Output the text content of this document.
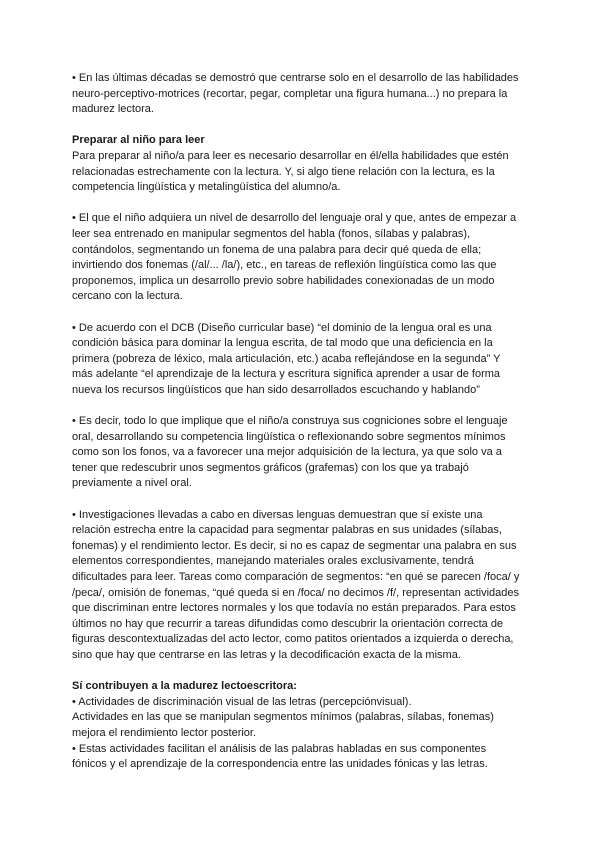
• En las últimas décadas se demostró que centrarse solo en el desarrollo de las habilidades neuro-perceptivo-motrices (recortar, pegar, completar una figura humana...) no prepara la madurez lectora.

Preparar al niño para leer

Para preparar al niño/a para leer es necesario desarrollar en él/ella habilidades que estén relacionadas estrechamente con la lectura. Y, si algo tiene relación con la lectura, es la competencia lingüística y metalingüística del alumno/a.

• El que el niño adquiera un nivel de desarrollo del lenguaje oral y que, antes de empezar a leer sea entrenado en manipular segmentos del habla (fonos, sílabas y palabras), contándolos, segmentando un fonema de una palabra para decir qué queda de ella; invirtiendo dos fonemas (/al/... /la/), etc., en tareas de reflexión lingüística como las que proponemos, implica un desarrollo previo sobre habilidades conexionadas de un modo cercano con la lectura.

• De acuerdo con el DCB (Diseño curricular base) “el dominio de la lengua oral es una condición básica para dominar la lengua escrita, de tal modo que una deficiencia en la primera (pobreza de léxico, mala articulación, etc.) acaba reflejándose en la segunda” Y más adelante “el aprendizaje de la lectura y escritura significa aprender a usar de forma nueva los recursos lingüísticos que han sido desarrollados escuchando y hablando”

• Es decir, todo lo que implique que el niño/a construya sus cogniciones sobre el lenguaje oral, desarrollando su competencia lingüística o reflexionando sobre segmentos mínimos como son los fonos, va a favorecer una mejor adquisición de la lectura, ya que solo va a tener que redescubrir unos segmentos gráficos (grafemas) con los que ya trabajó previamente a nivel oral.

• Investigaciones llevadas a cabo en diversas lenguas demuestran que sí existe una relación estrecha entre la capacidad para segmentar palabras en sus unidades (sílabas, fonemas) y el rendimiento lector. Es decir, si no es capaz de segmentar una palabra en sus elementos correspondientes, manejando materiales orales exclusivamente, tendrá dificultades para leer. Tareas como comparación de segmentos: “en qué se parecen /foca/ y /peca/, omisión de fonemas, “qué queda si en /foca/ no decimos /f/, representan actividades que discriminan entre lectores normales y los que todavía no están preparados. Para estos últimos no hay que recurrir a tareas difundidas como descubrir la orientación correcta de figuras descontextualizadas del acto lector, como patitos orientados a izquierda o derecha, sino que hay que centrarse en las letras y la decodificación exacta de la misma.

Sí contribuyen a la madurez lectoescritora:

• Actividades de discriminación visual de las letras (percepciónvisual).

Actividades en las que se manipulan segmentos mínimos (palabras, sílabas, fonemas) mejora el rendimiento lector posterior.

• Estas actividades facilitan el análisis de las palabras habladas en sus componentes fónicos y el aprendizaje de la correspondencia entre las unidades fónicas y las letras.
